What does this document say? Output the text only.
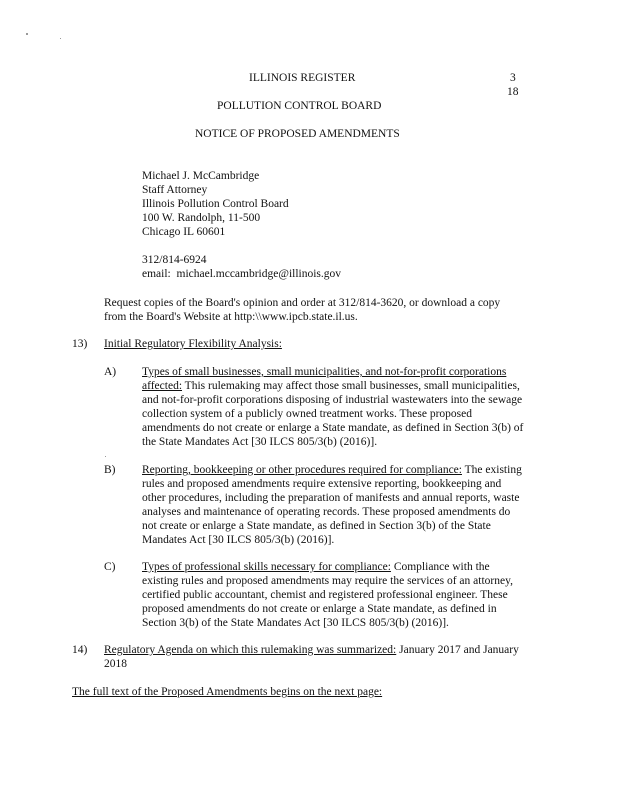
ILLINOIS REGISTER	3
18
POLLUTION CONTROL BOARD
NOTICE OF PROPOSED AMENDMENTS
Michael J. McCambridge
Staff Attorney
Illinois Pollution Control Board
100 W. Randolph, 11-500
Chicago IL 60601
312/814-6924
email: michael.mccambridge@illinois.gov
Request copies of the Board's opinion and order at 312/814-3620, or download a copy
from the Board's Website at http:\\www.ipcb.state.il.us.
13) Initial Regulatory Flexibility Analysis:
A) Types of small businesses, small municipalities, and not-for-profit corporations affected: This rulemaking may affect those small businesses, small municipalities, and not-for-profit corporations disposing of industrial wastewaters into the sewage collection system of a publicly owned treatment works. These proposed amendments do not create or enlarge a State mandate, as defined in Section 3(b) of the State Mandates Act [30 ILCS 805/3(b) (2016)].
B) Reporting, bookkeeping or other procedures required for compliance: The existing rules and proposed amendments require extensive reporting, bookkeeping and other procedures, including the preparation of manifests and annual reports, waste analyses and maintenance of operating records. These proposed amendments do not create or enlarge a State mandate, as defined in Section 3(b) of the State Mandates Act [30 ILCS 805/3(b) (2016)].
C) Types of professional skills necessary for compliance: Compliance with the existing rules and proposed amendments may require the services of an attorney, certified public accountant, chemist and registered professional engineer. These proposed amendments do not create or enlarge a State mandate, as defined in Section 3(b) of the State Mandates Act [30 ILCS 805/3(b) (2016)].
14) Regulatory Agenda on which this rulemaking was summarized: January 2017 and January 2018
The full text of the Proposed Amendments begins on the next page:
